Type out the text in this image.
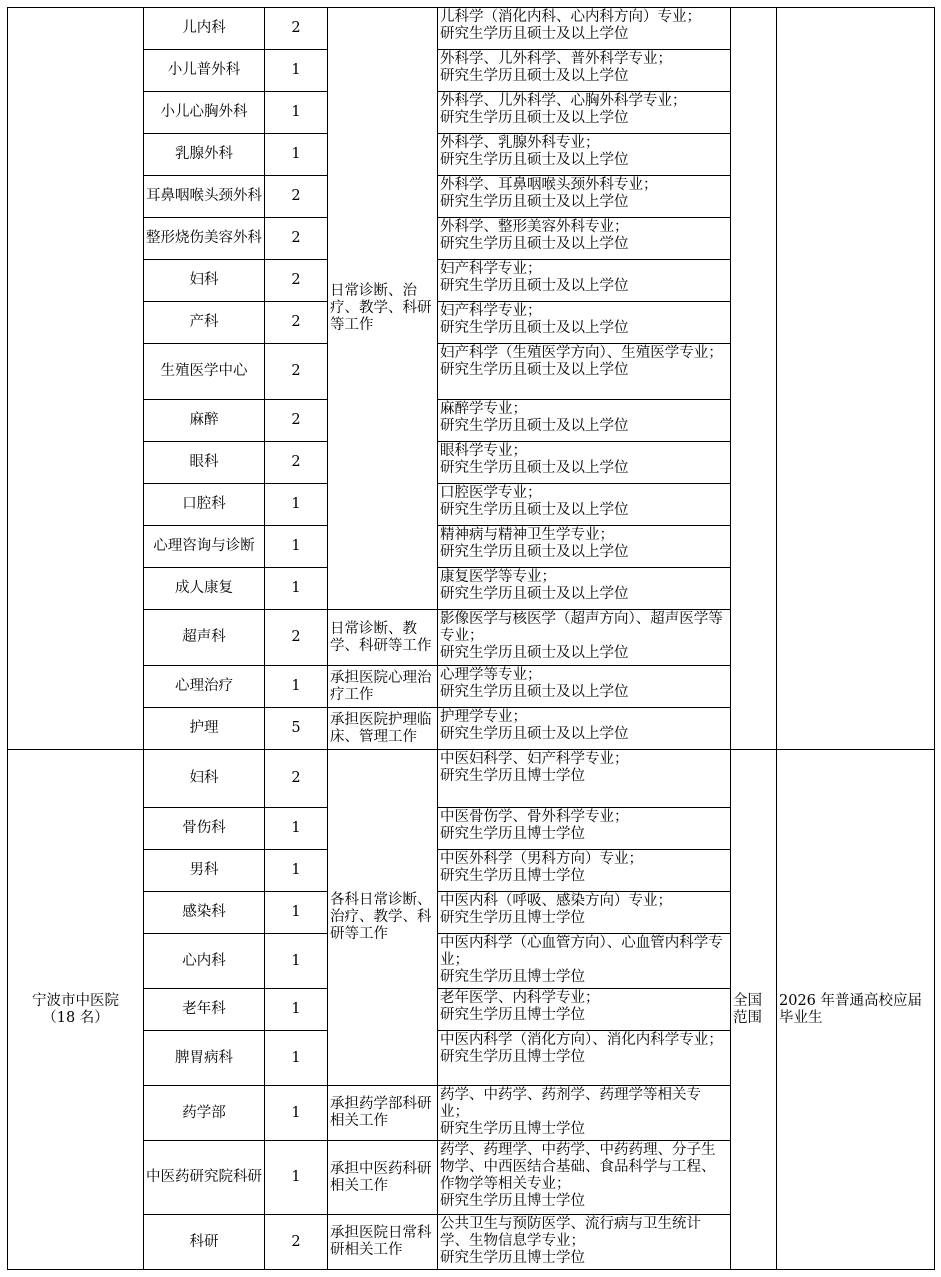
	儿内科	2	日常诊断、治疗、教学、科研等工作	儿科学（消化内科、心内科方向）专业；
研究生学历且硕士及以上学位		

	小儿普外科	1		外科学、儿外科学、普外科学专业；
研究生学历且硕士及以上学位		

	小儿心胸外科	1		外科学、儿外科学、心胸外科学专业；
研究生学历且硕士及以上学位		

	乳腺外科	1		外科学、乳腺外科专业；
研究生学历且硕士及以上学位		

	耳鼻咽喉头颈外科	2		外科学、耳鼻咽喉头颈外科专业；
研究生学历且硕士及以上学位		

	整形烧伤美容外科	2		外科学、整形美容外科专业；
研究生学历且硕士及以上学位		

	妇科	2		妇产科学专业；
研究生学历且硕士及以上学位		

	产科	2		妇产科学专业；
研究生学历且硕士及以上学位		

	生殖医学中心	2		妇产科学（生殖医学方向）、生殖医学专业；
研究生学历且硕士及以上学位		

	麻醉	2		麻醉学专业；
研究生学历且硕士及以上学位		

	眼科	2		眼科学专业；
研究生学历且硕士及以上学位		

	口腔科	1		口腔医学专业；
研究生学历且硕士及以上学位		

	心理咨询与诊断	1		精神病与精神卫生学专业；
研究生学历且硕士及以上学位		

	成人康复	1		康复医学等专业；
研究生学历且硕士及以上学位		

	超声科	2	日常诊断、教学、科研等工作	影像医学与核医学（超声方向）、超声医学等专业；
研究生学历且硕士及以上学位		

	心理治疗	1	承担医院心理治疗工作	心理学等专业；
研究生学历且硕士及以上学位		

	护理	5	承担医院护理临床、管理工作	护理学专业；
研究生学历且硕士及以上学位		

宁波市中医院
（18 名）	妇科	2	各科日常诊断、治疗、教学、科研等工作	中医妇科学、妇产科学专业；
研究生学历且博士学位	全国范围	2026 年普通高校应届毕业生
	骨伤科	1		中医骨伤学、骨外科学专业；
研究生学历且博士学位		

	男科	1		中医外科学（男科方向）专业；
研究生学历且博士学位		

	感染科	1		中医内科（呼吸、感染方向）专业；
研究生学历且博士学位		

	心内科	1		中医内科学（心血管方向）、心血管内科学专业；
研究生学历且博士学位		

	老年科	1		老年医学、内科学专业；
研究生学历且博士学位		

	脾胃病科	1		中医内科学（消化方向）、消化内科学专业；
研究生学历且博士学位		

	药学部	1	承担药学部科研相关工作	药学、中药学、药剂学、药理学等相关专业；
研究生学历且博士学位		

	中医药研究院科研	1	承担中医药科研相关工作	药学、药理学、中药学、中药药理、分子生物学、中西医结合基础、食品科学与工程、作物学等相关专业；
研究生学历且博士学位		

	科研	2	承担医院日常科研相关工作	公共卫生与预防医学、流行病与卫生统计学、生物信息学专业；
研究生学历且博士学位		
